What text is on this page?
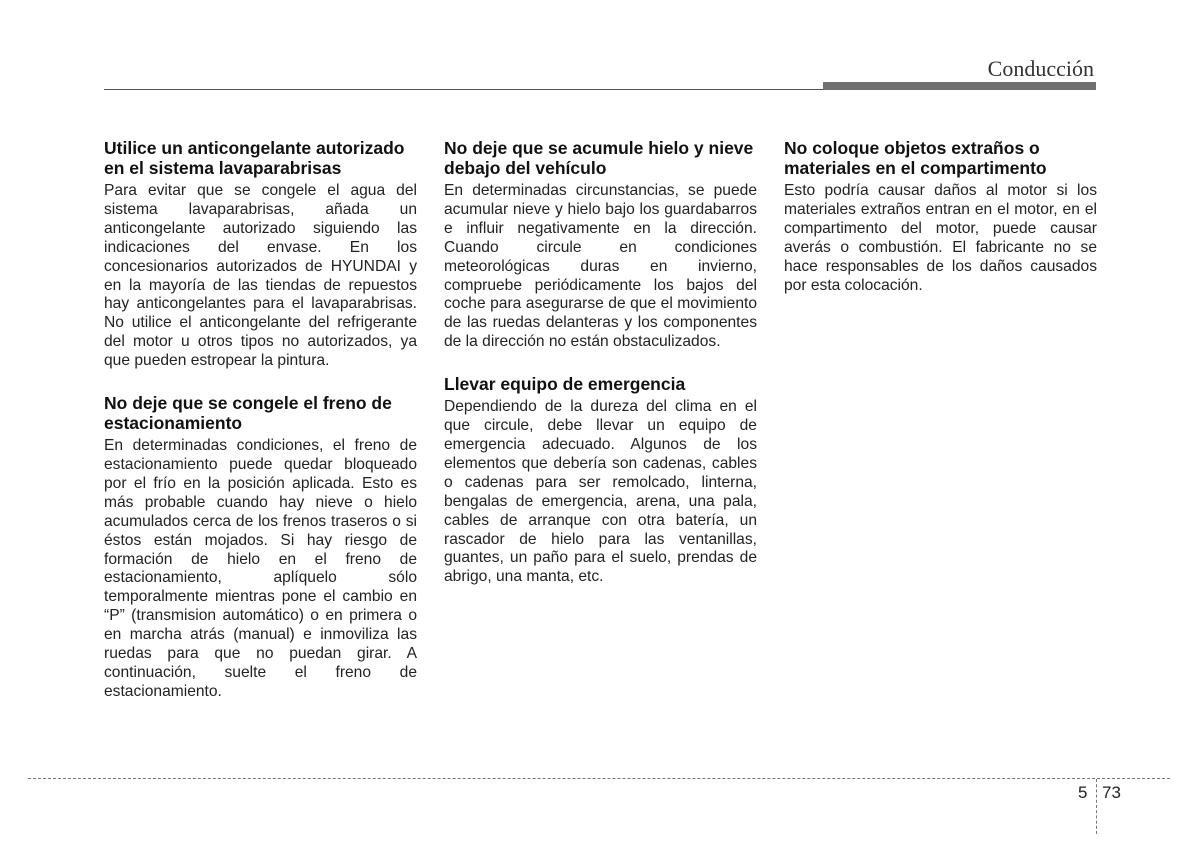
Conducción
Utilice un anticongelante autorizado en el sistema lavaparabrisas

Para evitar que se congele el agua del sistema lavaparabrisas, añada un anticongelante autorizado siguiendo las indicaciones del envase. En los concesionarios autorizados de HYUNDAI y en la mayoría de las tiendas de repuestos hay anticongelantes para el lavaparabrisas. No utilice el anticongelante del refrigerante del motor u otros tipos no autorizados, ya que pueden estropear la pintura.

No deje que se congele el freno de estacionamiento

En determinadas condiciones, el freno de estacionamiento puede quedar bloqueado por el frío en la posición aplicada. Esto es más probable cuando hay nieve o hielo acumulados cerca de los frenos traseros o si éstos están mojados. Si hay riesgo de formación de hielo en el freno de estacionamiento, aplíquelo sólo temporalmente mientras pone el cambio en “P” (transmision automático) o en primera o en marcha atrás (manual) e inmoviliza las ruedas para que no puedan girar. A continuación, suelte el freno de estacionamiento.

No deje que se acumule hielo y nieve debajo del vehículo

En determinadas circunstancias, se puede acumular nieve y hielo bajo los guardabarros e influir negativamente en la dirección. Cuando circule en condiciones meteorológicas duras en invierno, compruebe periódicamente los bajos del coche para asegurarse de que el movimiento de las ruedas delanteras y los componentes de la dirección no están obstaculizados.

Llevar equipo de emergencia

Dependiendo de la dureza del clima en el que circule, debe llevar un equipo de emergencia adecuado. Algunos de los elementos que debería son cadenas, cables o cadenas para ser remolcado, linterna, bengalas de emergencia, arena, una pala, cables de arranque con otra batería, un rascador de hielo para las ventanillas, guantes, un paño para el suelo, prendas de abrigo, una manta, etc.

No coloque objetos extraños o materiales en el compartimento

Esto podría causar daños al motor si los materiales extraños entran en el motor, en el compartimento del motor, puede causar averás o combustión. El fabricante no se hace responsables de los daños causados por esta colocación.

5 73
